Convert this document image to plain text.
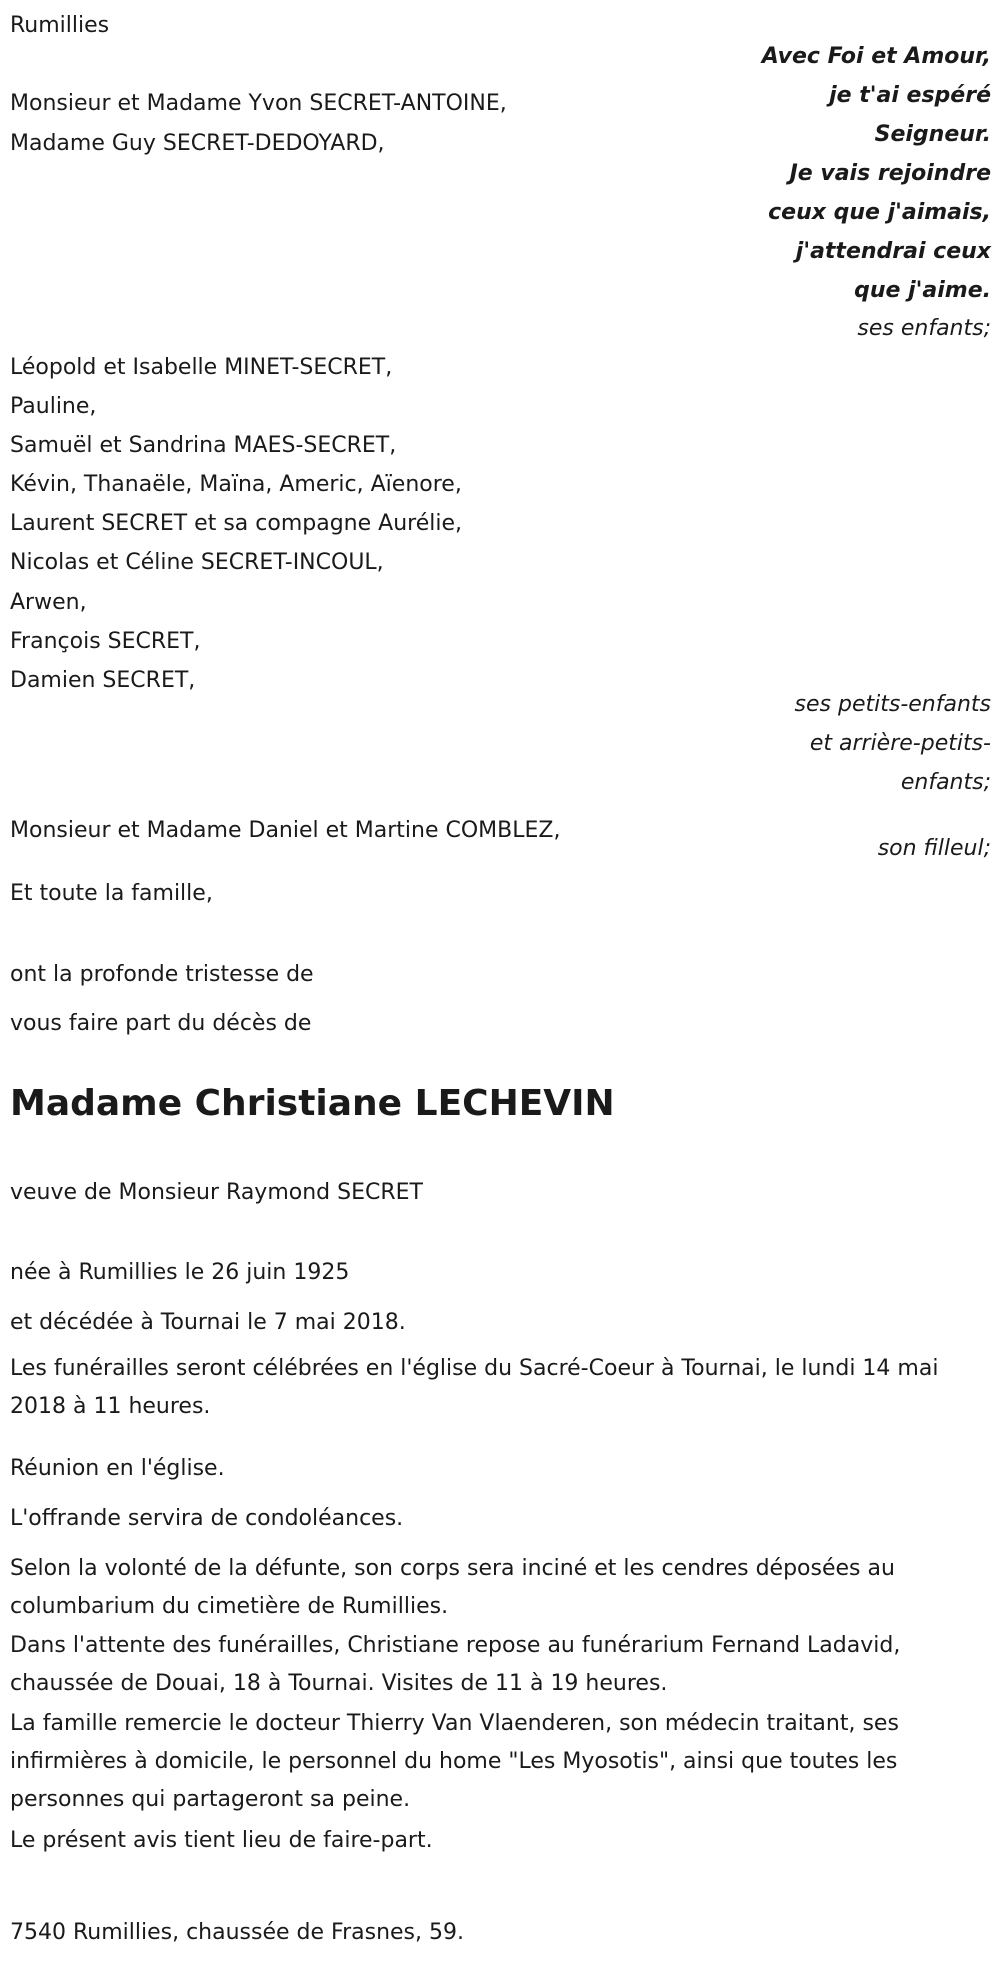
Rumillies
Avec Foi et Amour,
je t'ai espéré
Seigneur.
Je vais rejoindre
ceux que j'aimais,
j'attendrai ceux
que j'aime.
Monsieur et Madame Yvon SECRET-ANTOINE,
Madame Guy SECRET-DEDOYARD,
ses enfants;
Léopold et Isabelle MINET-SECRET,
Pauline,
Samuël et Sandrina MAES-SECRET,
Kévin, Thanaële, Maïna, Americ, Aïenore,
Laurent SECRET et sa compagne Aurélie,
Nicolas et Céline SECRET-INCOUL,
Arwen,
François SECRET,
Damien SECRET,
ses petits-enfants
et arrière-petits-
enfants;
Monsieur et Madame Daniel et Martine COMBLEZ,
son filleul;
Et toute la famille,
ont la profonde tristesse de
vous faire part du décès de
Madame Christiane LECHEVIN
veuve de Monsieur Raymond SECRET
née à Rumillies le 26 juin 1925
et décédée à Tournai le 7 mai 2018.
Les funérailles seront célébrées en l'église du Sacré-Coeur à Tournai, le lundi 14 mai 2018 à 11 heures.
Réunion en l'église.
L'offrande servira de condoléances.
Selon la volonté de la défunte, son corps sera inciné et les cendres déposées au columbarium du cimetière de Rumillies.
Dans l'attente des funérailles, Christiane repose au funérarium Fernand Ladavid, chaussée de Douai, 18 à Tournai. Visites de 11 à 19 heures.
La famille remercie le docteur Thierry Van Vlaenderen, son médecin traitant, ses infirmières à domicile, le personnel du home "Les Myosotis", ainsi que toutes les personnes qui partageront sa peine.
Le présent avis tient lieu de faire-part.
7540 Rumillies, chaussée de Frasnes, 59.
